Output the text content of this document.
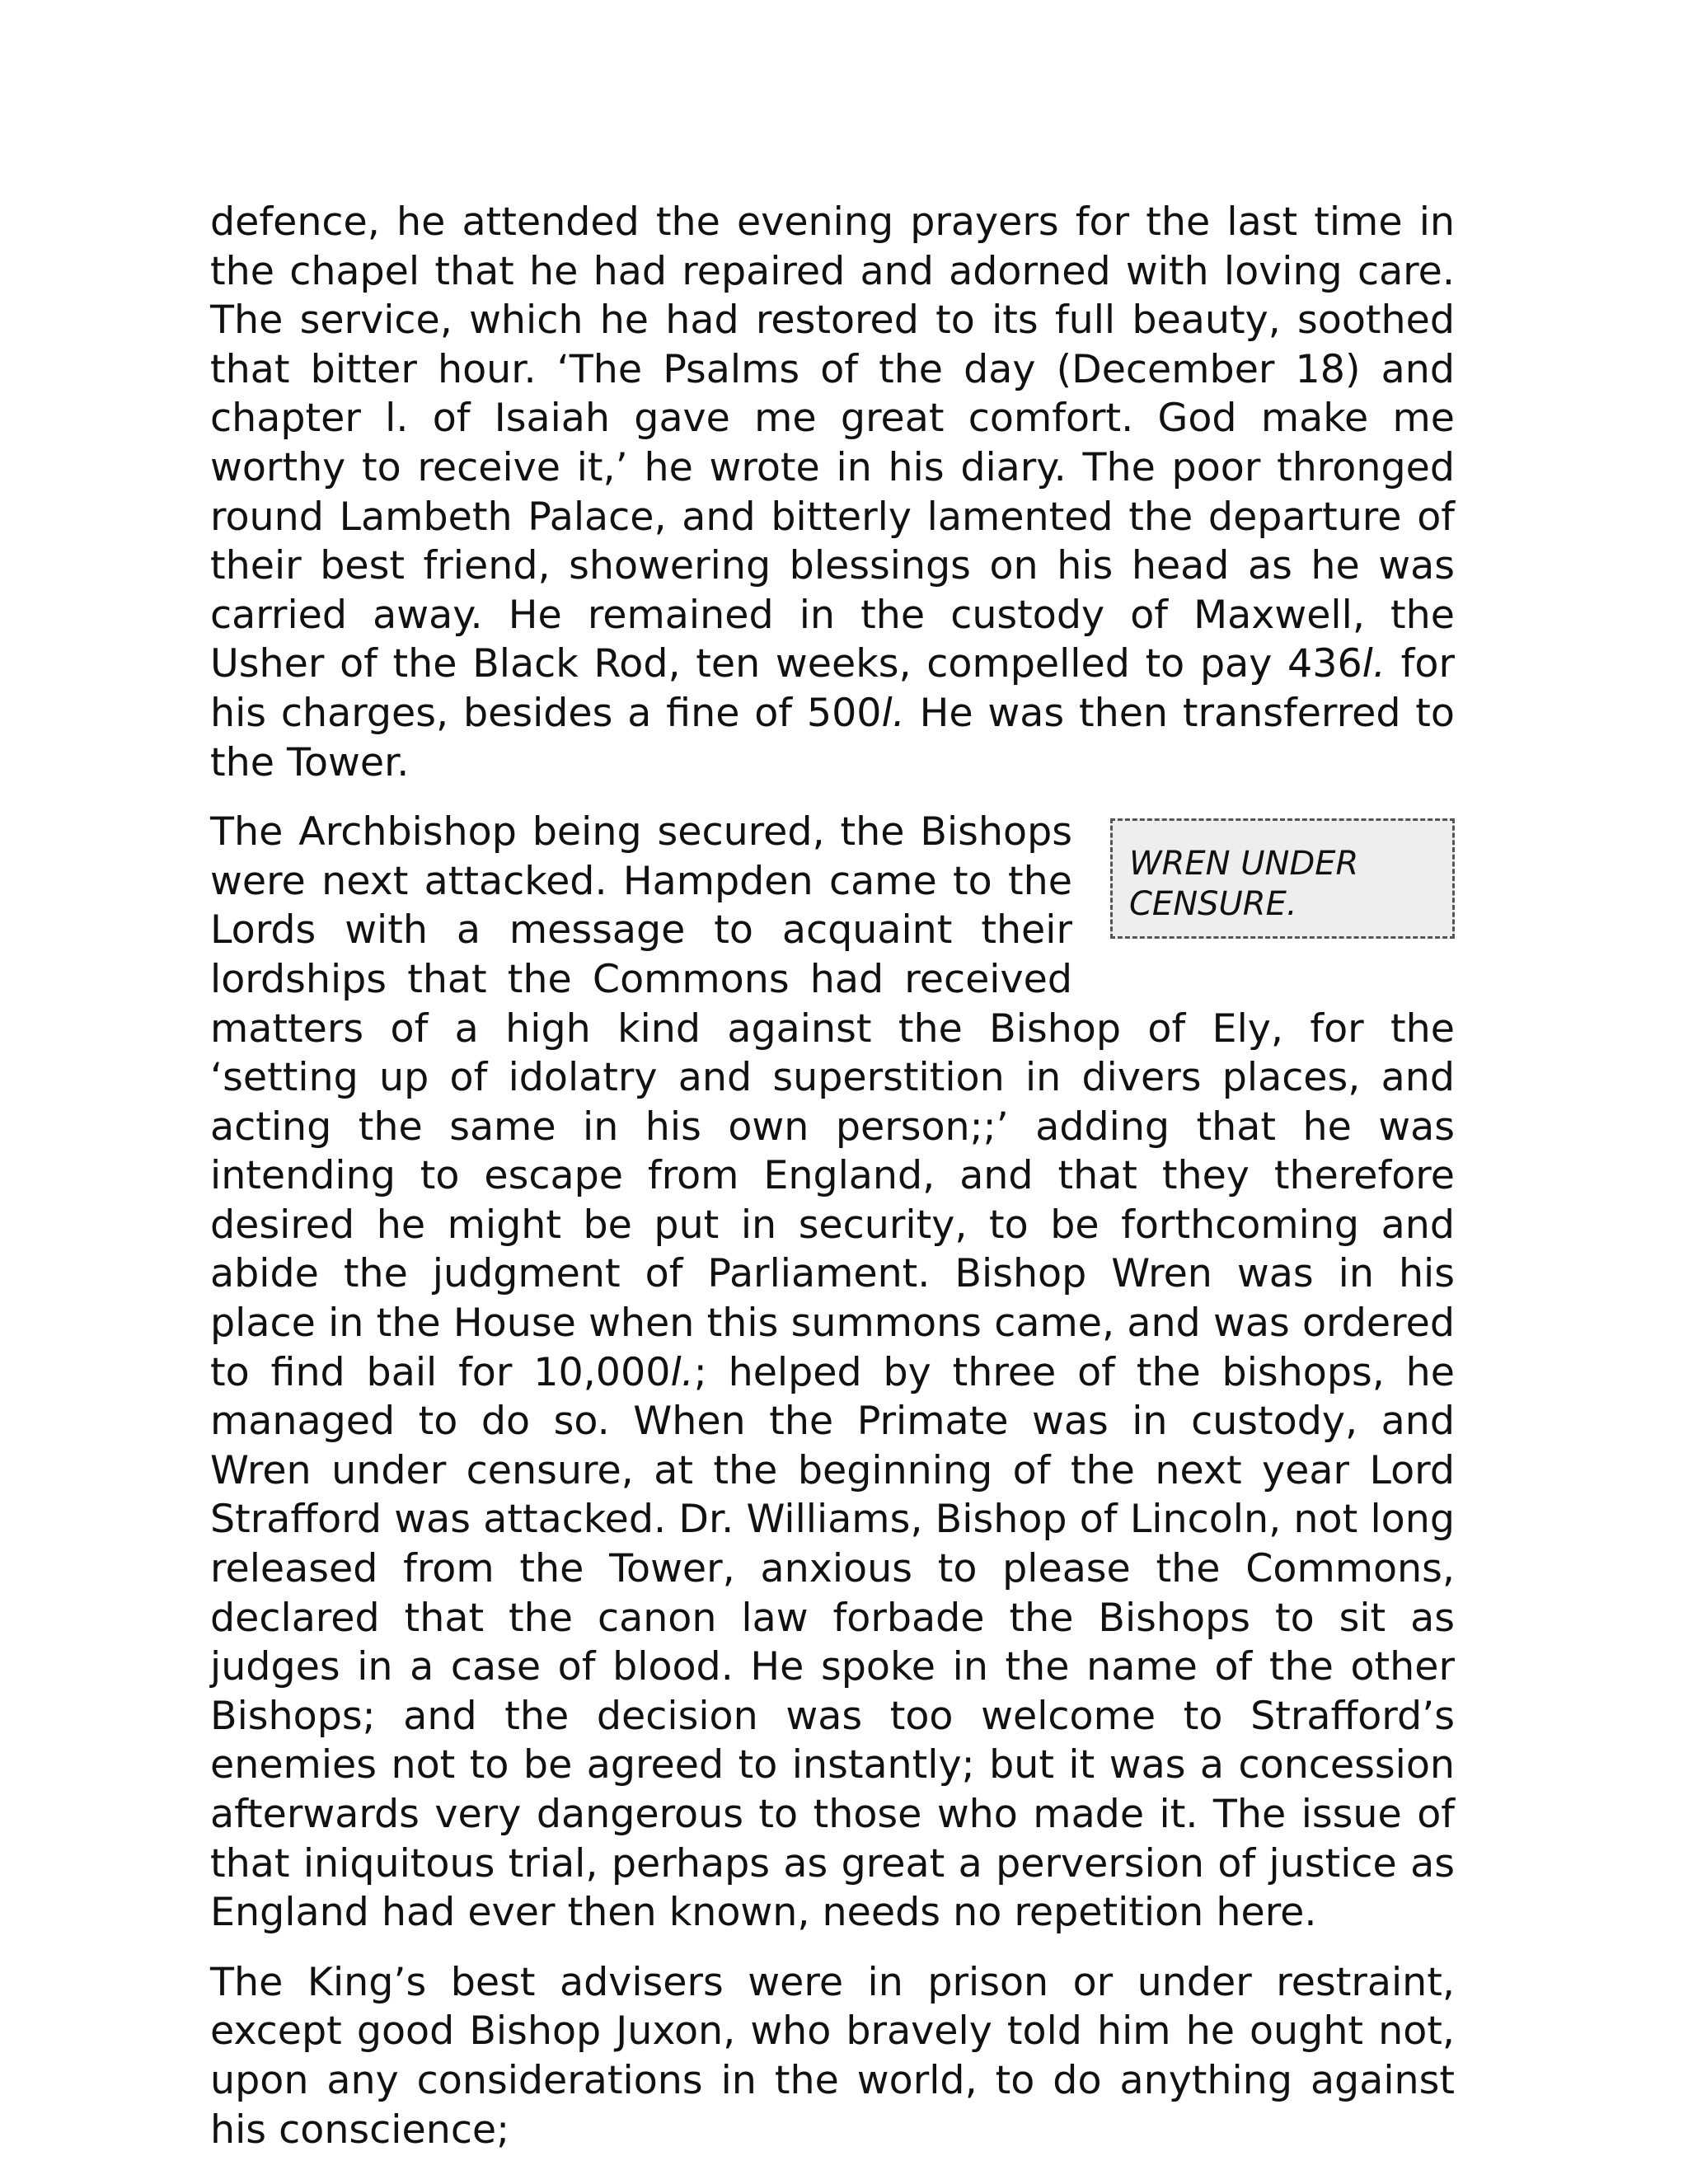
defence, he attended the evening prayers for the last time in the chapel that he had repaired and adorned with loving care. The service, which he had restored to its full beauty, soothed that bitter hour. ‘The Psalms of the day (December 18) and chapter l. of Isaiah gave me great comfort. God make me worthy to receive it,’ he wrote in his diary. The poor thronged round Lambeth Palace, and bitterly lamented the departure of their best friend, showering blessings on his head as he was carried away. He remained in the custody of Maxwell, the Usher of the Black Rod, ten weeks, compelled to pay 436l. for his charges, besides a fine of 500l. He was then transferred to the Tower.

WREN UNDER CENSURE.
The Archbishop being secured, the Bishops were next attacked. Hampden came to the Lords with a message to acquaint their lordships that the Commons had received matters of a high kind against the Bishop of Ely, for the ‘setting up of idolatry and superstition in divers places, and acting the same in his own person;;’ adding that he was intending to escape from England, and that they therefore desired he might be put in security, to be forthcoming and abide the judgment of Parliament. Bishop Wren was in his place in the House when this summons came, and was ordered to find bail for 10,000l.; helped by three of the bishops, he managed to do so. When the Primate was in custody, and Wren under censure, at the beginning of the next year Lord Strafford was attacked. Dr. Williams, Bishop of Lincoln, not long released from the Tower, anxious to please the Commons, declared that the canon law forbade the Bishops to sit as judges in a case of blood. He spoke in the name of the other Bishops; and the decision was too welcome to Strafford’s enemies not to be agreed to instantly; but it was a concession afterwards very dangerous to those who made it. The issue of that iniquitous trial, perhaps as great a perversion of justice as England had ever then known, needs no repetition here.

The King’s best advisers were in prison or under restraint, except good Bishop Juxon, who bravely told him he ought not, upon any considerations in the world, to do anything against his conscience;
